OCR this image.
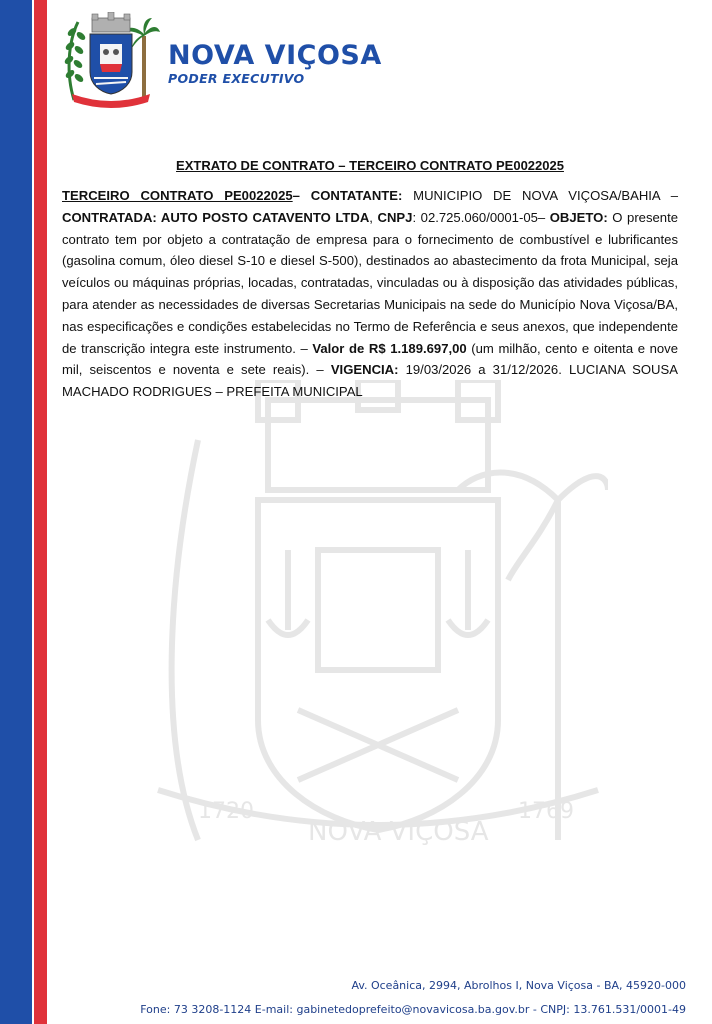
NOVA VIÇOSA
PODER EXECUTIVO
1720
NOVA VIÇOSA
1769

EXTRATO DE CONTRATO – TERCEIRO CONTRATO PE0022025

TERCEIRO CONTRATO PE0022025– CONTATANTE: MUNICIPIO DE NOVA VIÇOSA/BAHIA – CONTRATADA: AUTO POSTO CATAVENTO LTDA, CNPJ: 02.725.060/0001-05– OBJETO: O presente contrato tem por objeto a contratação de empresa para o fornecimento de combustível e lubrificantes (gasolina comum, óleo diesel S-10 e diesel S-500), destinados ao abastecimento da frota Municipal, seja veículos ou máquinas próprias, locadas, contratadas, vinculadas ou à disposição das atividades públicas, para atender as necessidades de diversas Secretarias Municipais na sede do Município Nova Viçosa/BA, nas especificações e condições estabelecidas no Termo de Referência e seus anexos, que independente de transcrição integra este instrumento. – Valor de R$ 1.189.697,00 (um milhão, cento e oitenta e nove mil, seiscentos e noventa e sete reais). – VIGENCIA: 19/03/2026 a 31/12/2026. LUCIANA SOUSA MACHADO RODRIGUES – PREFEITA MUNICIPAL

Av. Oceânica, 2994, Abrolhos I, Nova Viçosa - BA, 45920-000
Fone: 73 3208-1124 E-mail: gabinetedoprefeito@novavicosa.ba.gov.br - CNPJ: 13.761.531/0001-49
